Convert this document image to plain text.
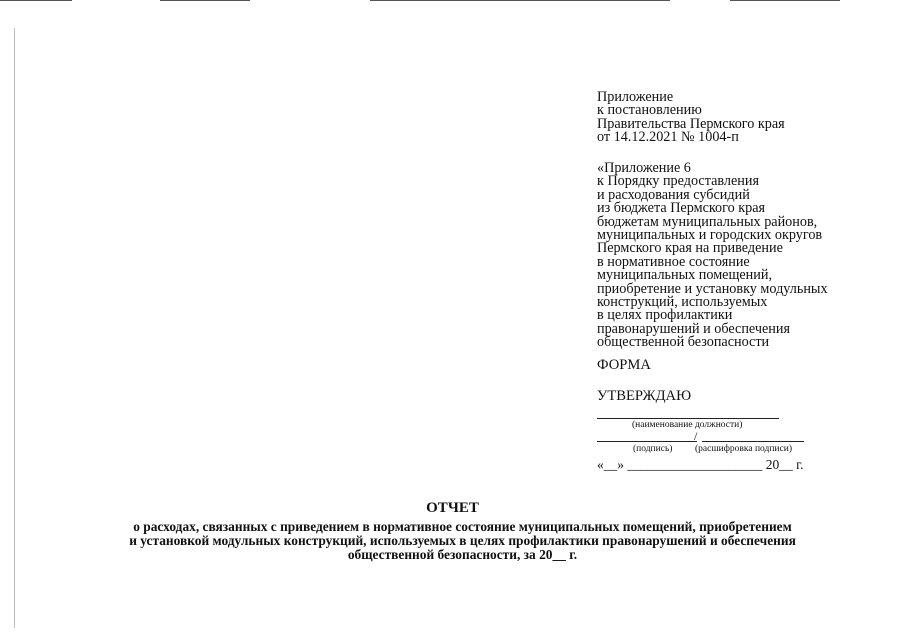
Приложение
к постановлению
Правительства Пермского края
от 14.12.2021 № 1004-п
«Приложение 6
к Порядку предоставления
и расходования субсидий
из бюджета Пермского края
бюджетам муниципальных районов,
муниципальных и городских округов
Пермского края на приведение
в нормативное состояние
муниципальных помещений,
приобретение и установку модульных
конструкций, используемых
в целях профилактики
правонарушений и обеспечения
общественной безопасности
ФОРМА
УТВЕРЖДАЮ
(наименование должности)
/
(подпись) (расшифровка подписи)
«__» ____________________ 20__ г.
ОТЧЕТ
о расходах, связанных с приведением в нормативное состояние муниципальных помещений, приобретением
и установкой модульных конструкций, используемых в целях профилактики правонарушений и обеспечения
общественной безопасности, за 20__ г.
